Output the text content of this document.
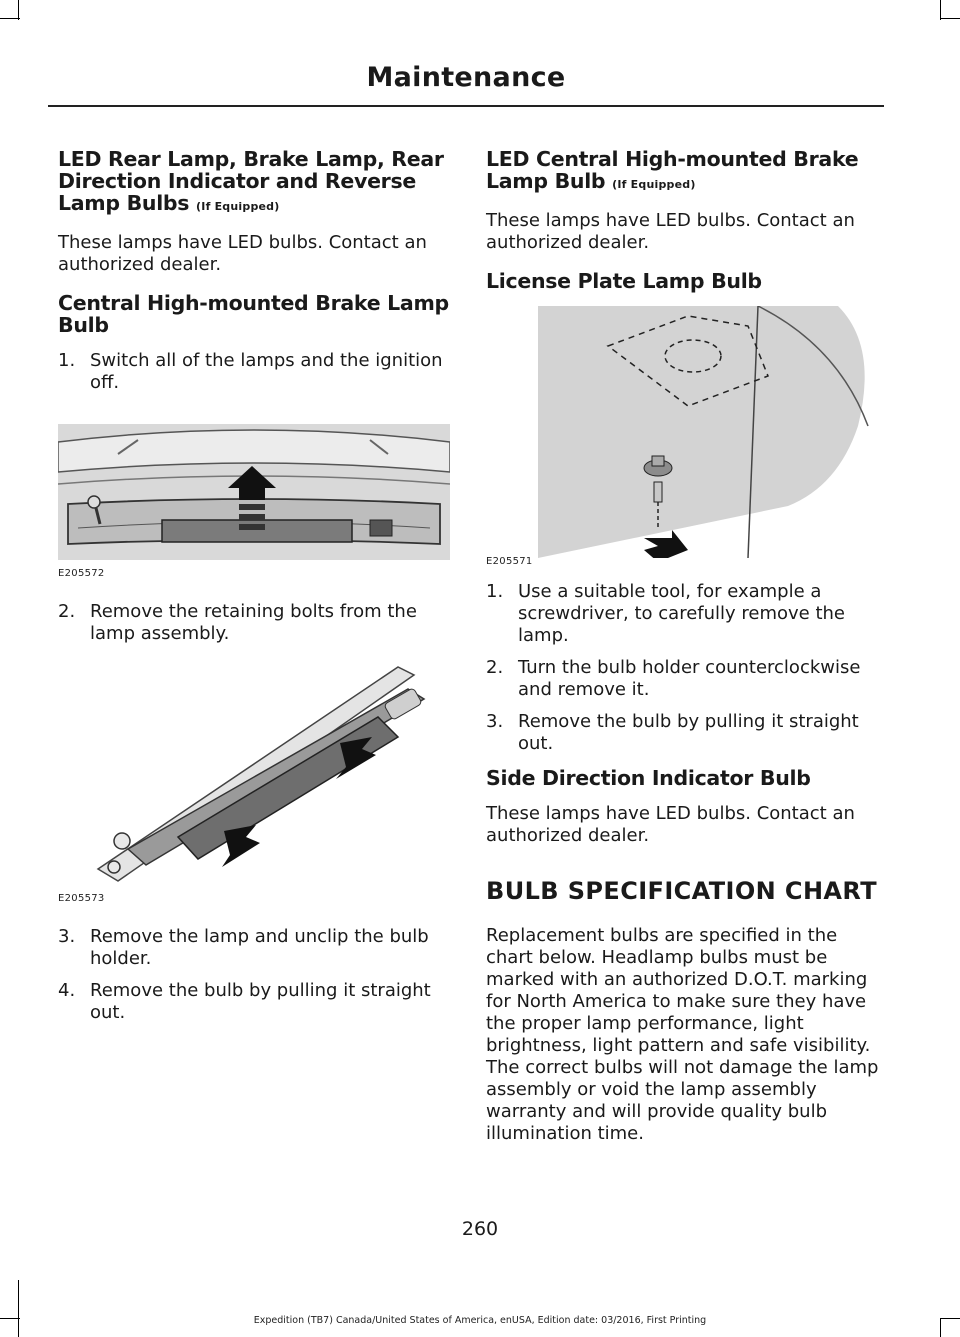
Maintenance
LED Rear Lamp, Brake Lamp, Rear Direction Indicator and Reverse Lamp Bulbs (If Equipped)

These lamps have LED bulbs. Contact an authorized dealer.

Central High-mounted Brake Lamp Bulb
1. Switch all of the lamps and the ignition off.
E205572
2. Remove the retaining bolts from the lamp assembly.
E205573
3. Remove the lamp and unclip the bulb holder.
4. Remove the bulb by pulling it straight out.
LED Central High-mounted Brake Lamp Bulb (If Equipped)

These lamps have LED bulbs. Contact an authorized dealer.

License Plate Lamp Bulb
E205571
1. Use a suitable tool, for example a screwdriver, to carefully remove the lamp.
2. Turn the bulb holder counterclockwise and remove it.
3. Remove the bulb by pulling it straight out.
Side Direction Indicator Bulb

These lamps have LED bulbs. Contact an authorized dealer.

BULB SPECIFICATION CHART

Replacement bulbs are specified in the chart below. Headlamp bulbs must be marked with an authorized D.O.T. marking for North America to make sure they have the proper lamp performance, light brightness, light pattern and safe visibility. The correct bulbs will not damage the lamp assembly or void the lamp assembly warranty and will provide quality bulb illumination time.

260
Expedition (TB7) Canada/United States of America, enUSA, Edition date: 03/2016, First Printing
